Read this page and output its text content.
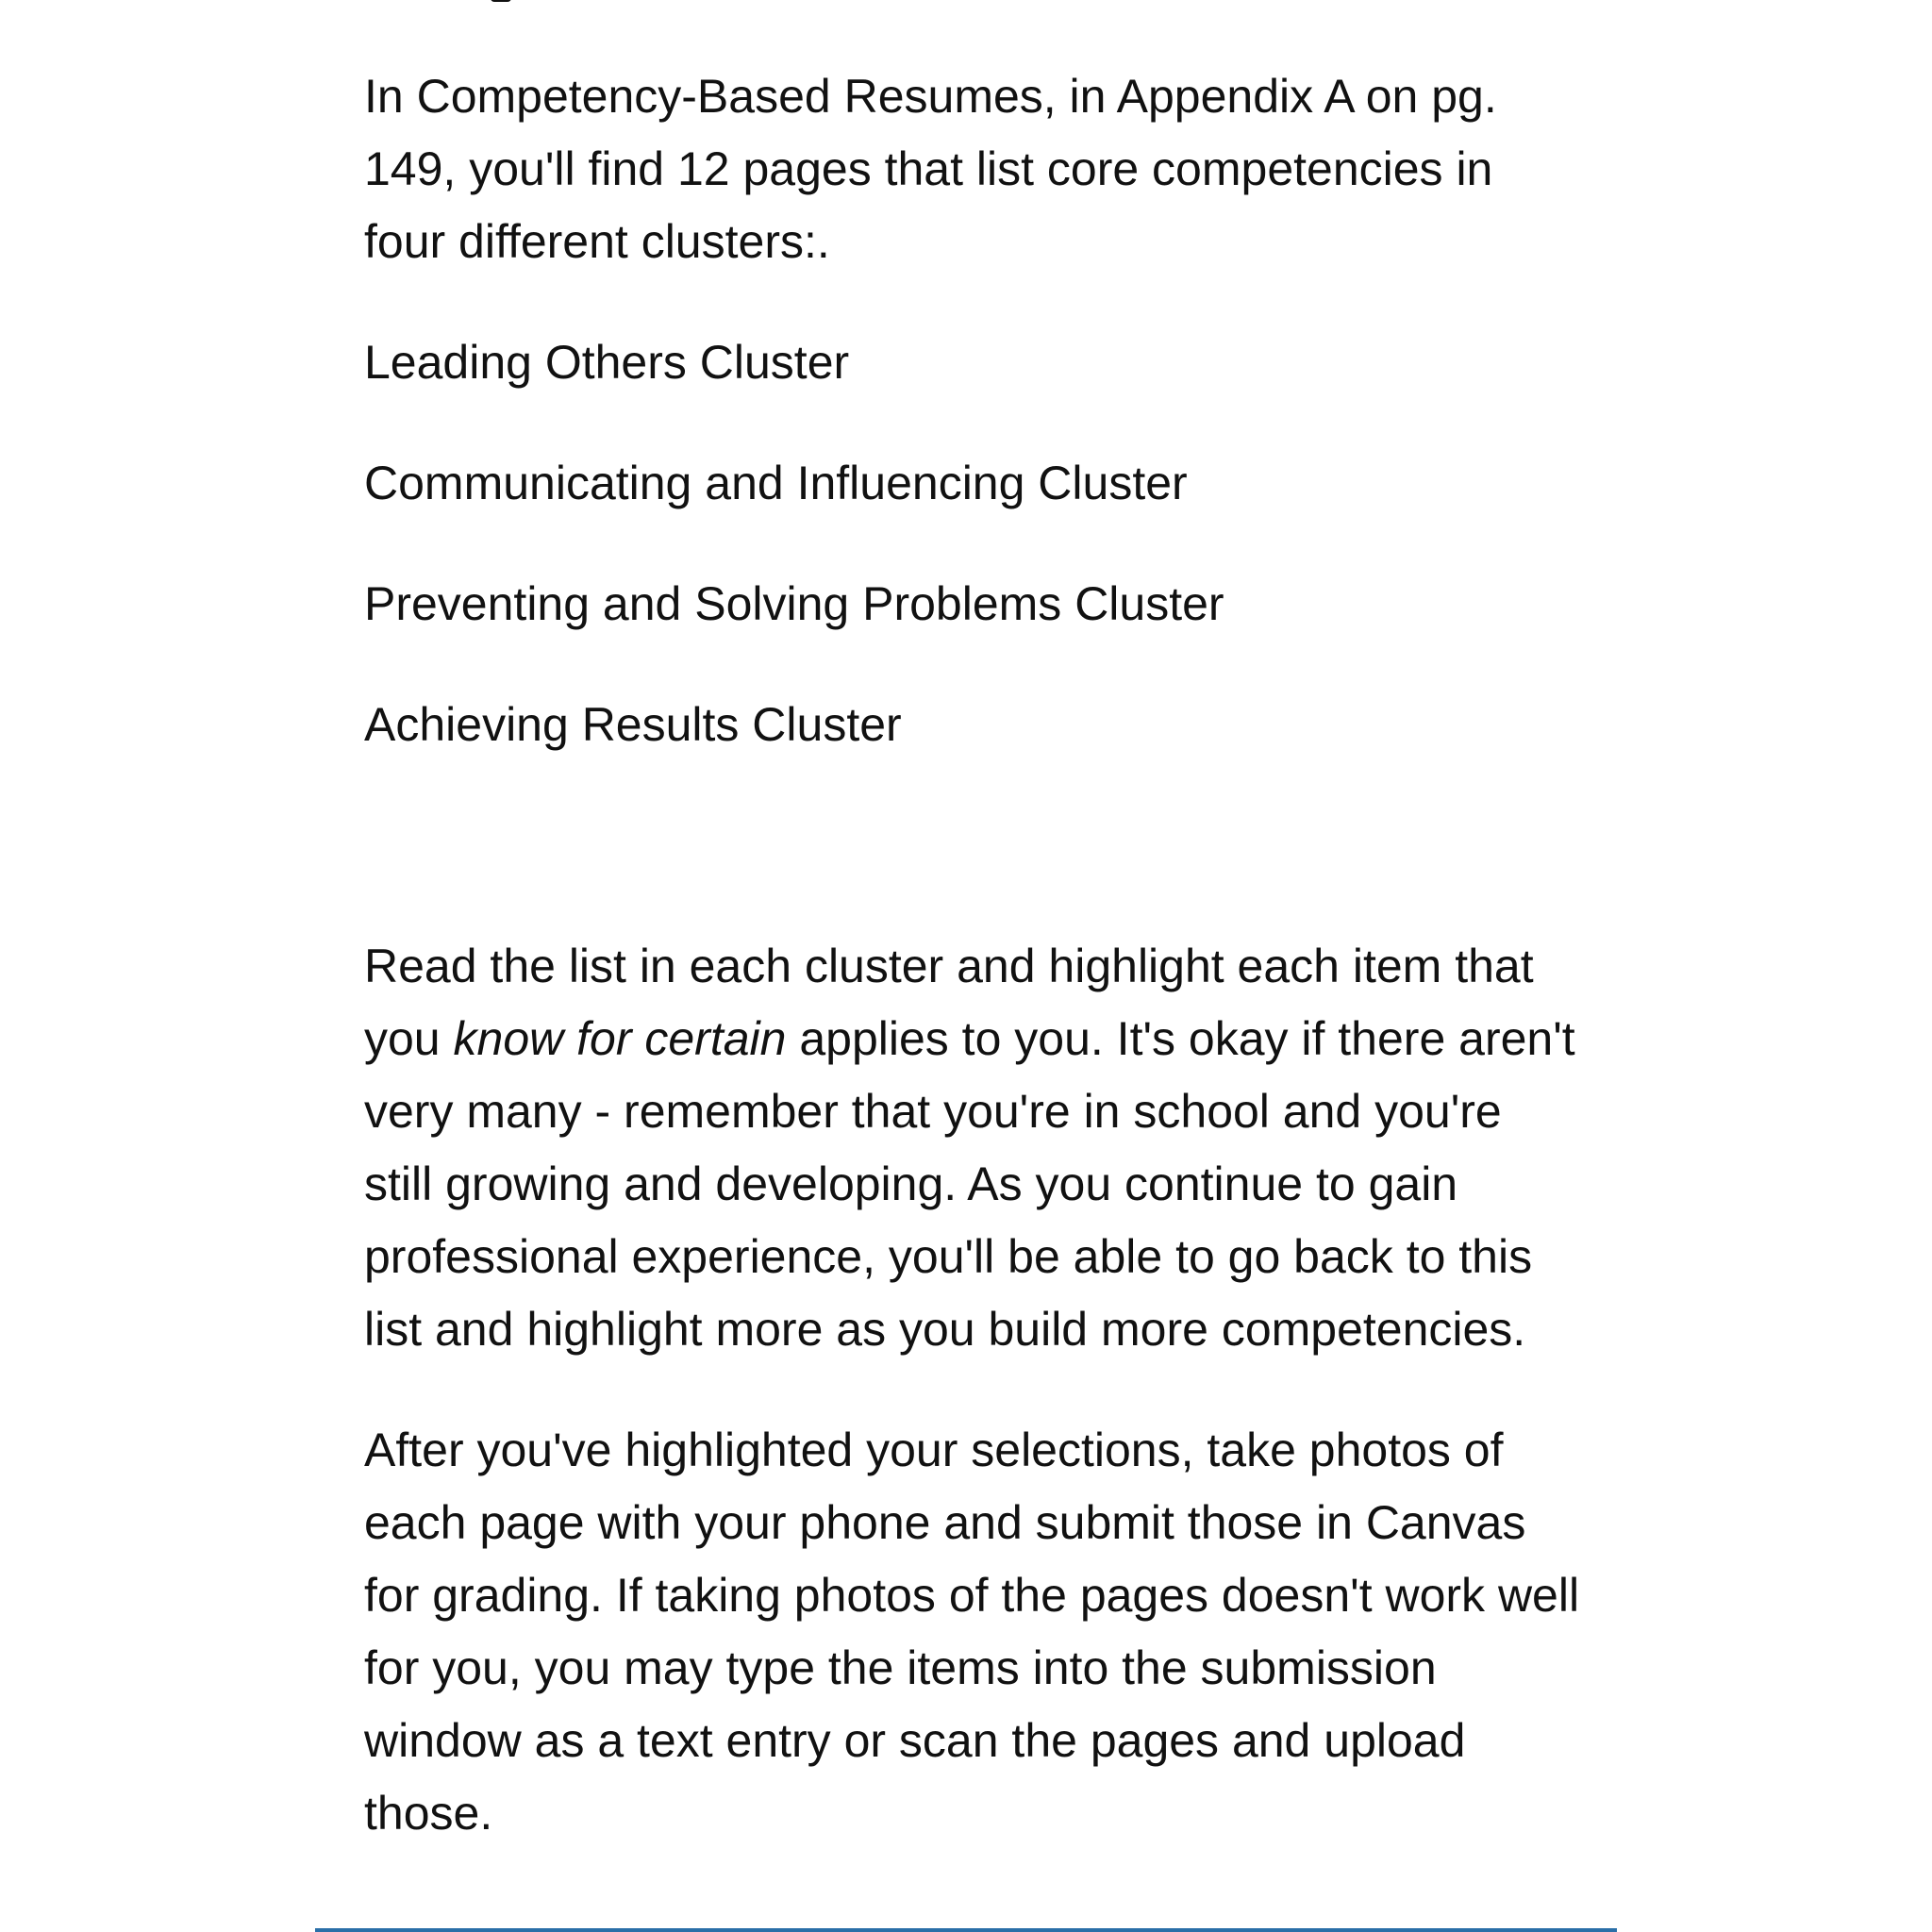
In Competency-Based Resumes, in Appendix A on pg. 149, you'll find 12 pages that list core competencies in four different clusters:.

Leading Others Cluster

Communicating and Influencing Cluster

Preventing and Solving Problems Cluster

Achieving Results Cluster

Read the list in each cluster and highlight each item that you know for certain applies to you. It's okay if there aren't very many - remember that you're in school and you're still growing and developing. As you continue to gain professional experience, you'll be able to go back to this list and highlight more as you build more competencies.

After you've highlighted your selections, take photos of each page with your phone and submit those in Canvas for grading. If taking photos of the pages doesn't work well for you, you may type the items into the submission window as a text entry or scan the pages and upload those.
